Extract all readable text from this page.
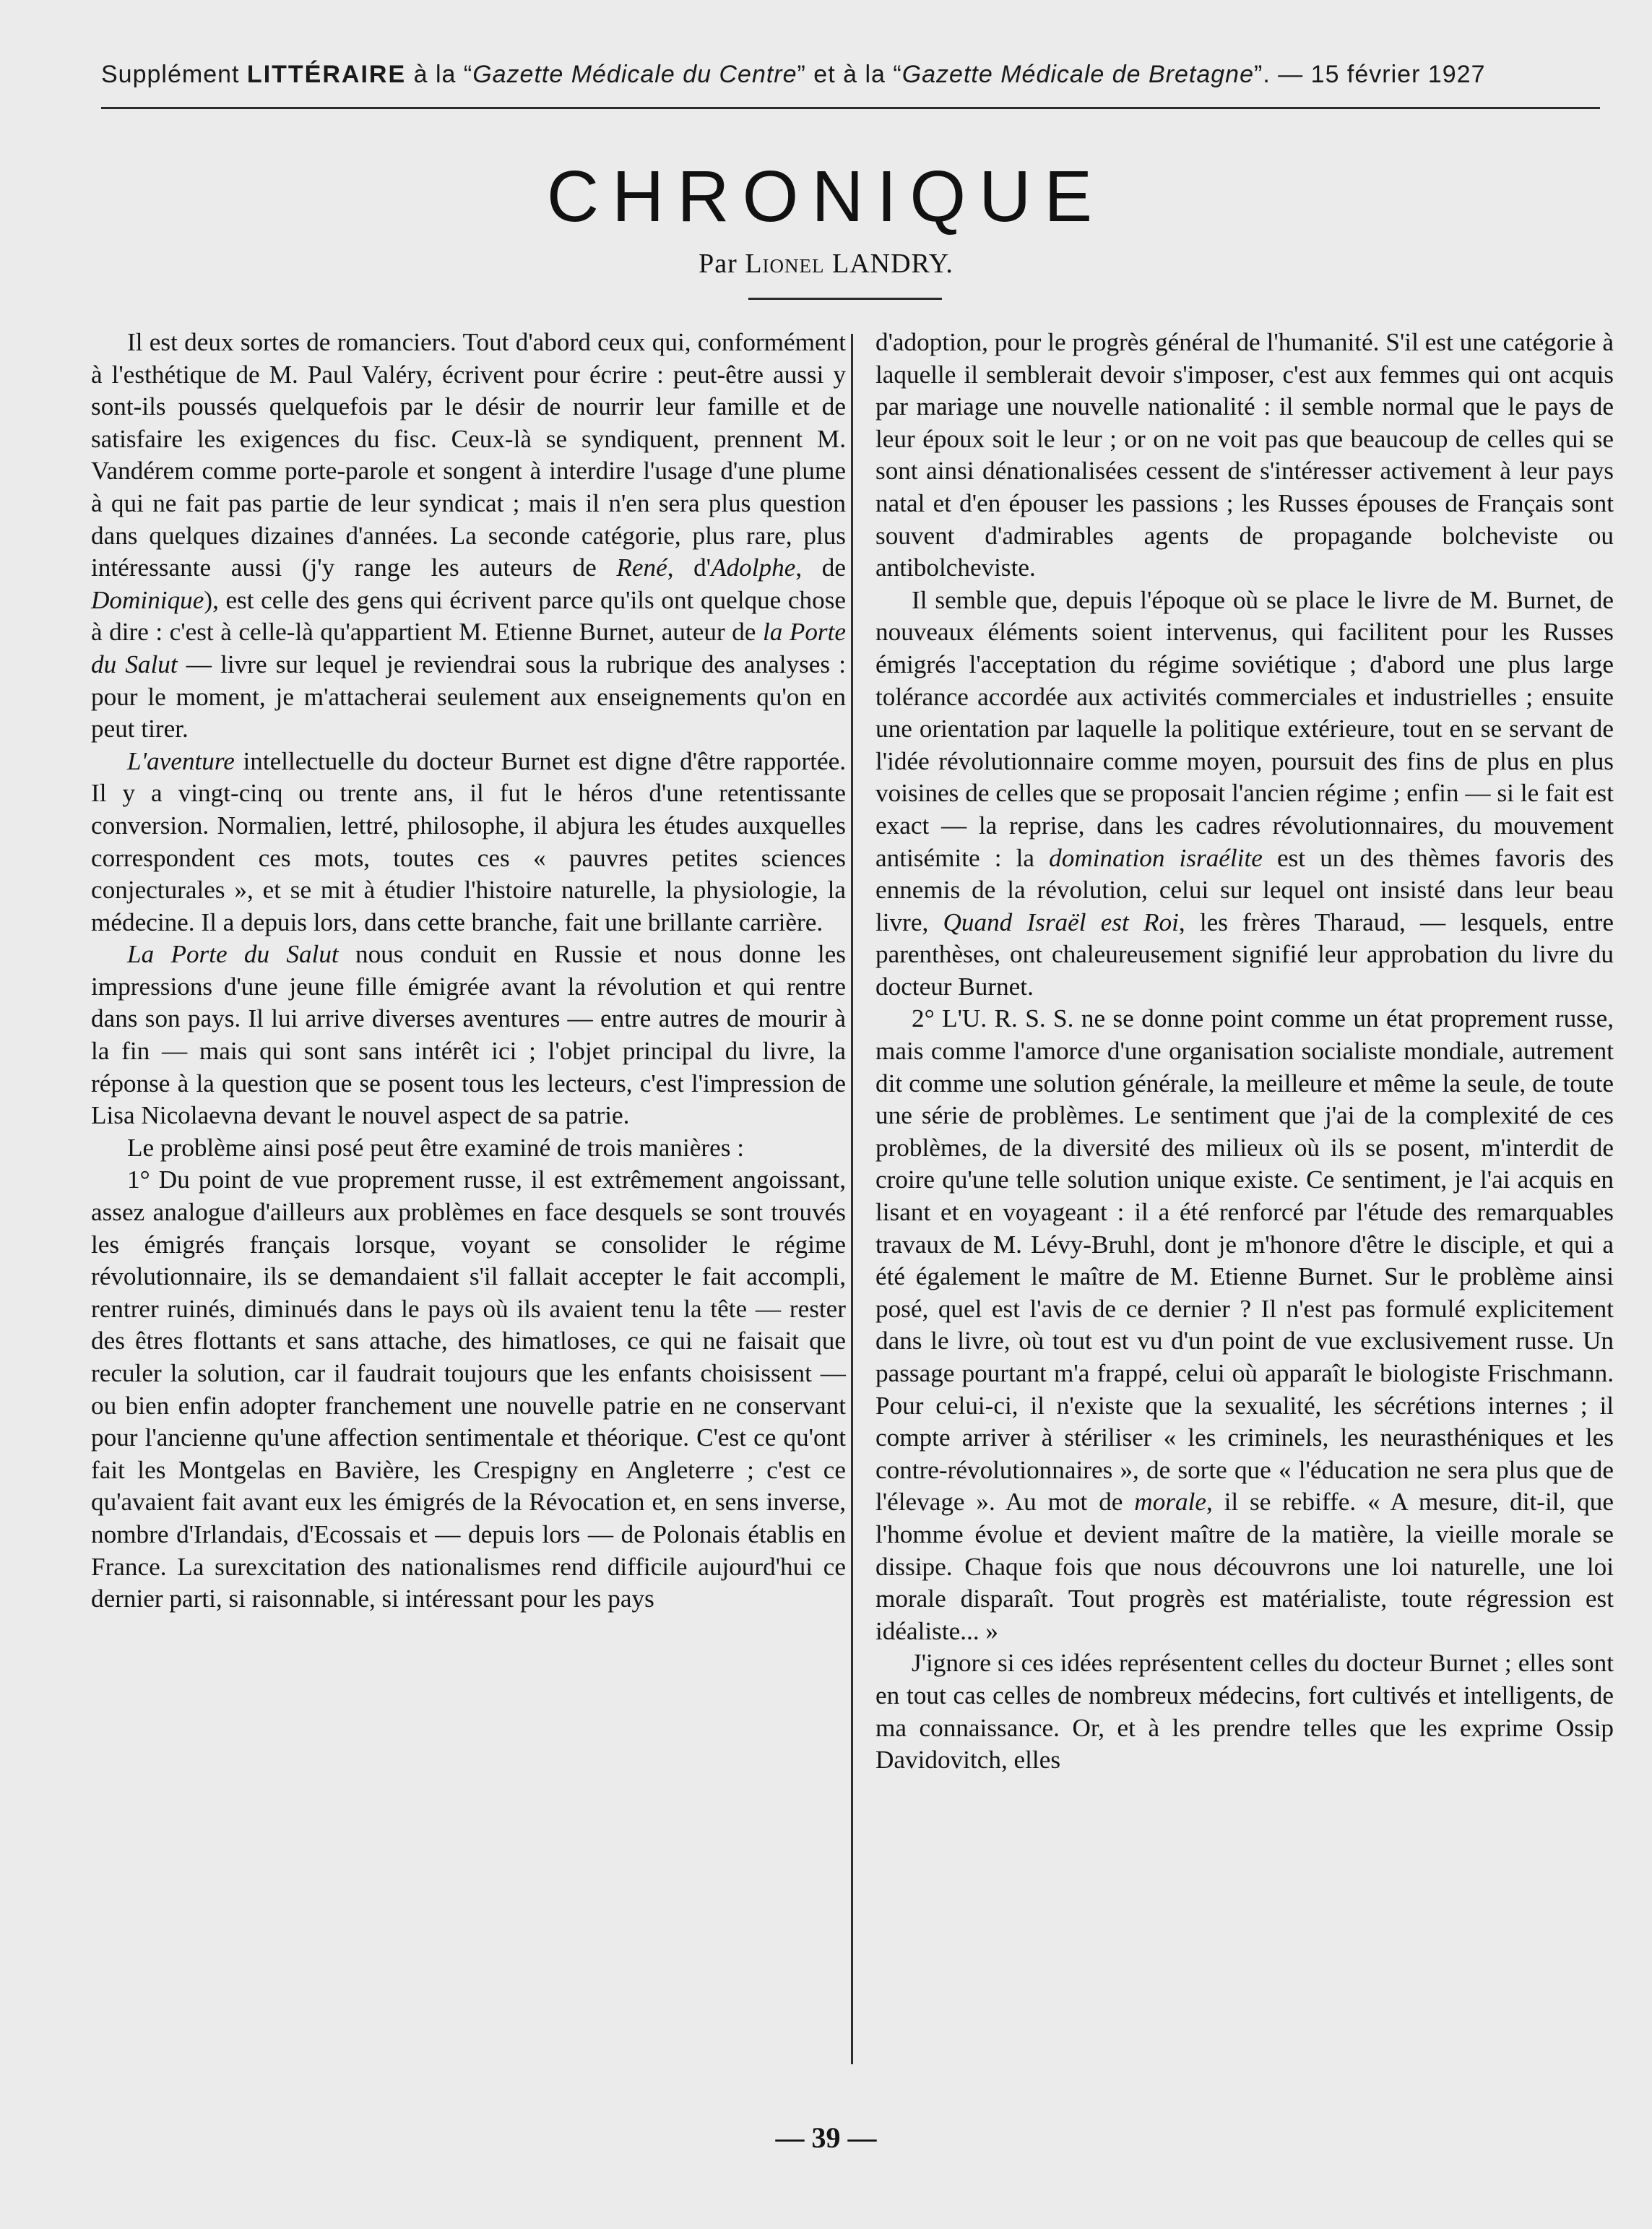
Supplément LITTÉRAIRE à la “Gazette Médicale du Centre” et à la “Gazette Médicale de Bretagne”. — 15 février 1927
CHRONIQUE
Par Lionel LANDRY.

Il est deux sortes de romanciers. Tout d'abord ceux qui, conformément à l'esthétique de M. Paul Valéry, écrivent pour écrire : peut-être aussi y sont-ils poussés quelquefois par le désir de nourrir leur famille et de satisfaire les exigences du fisc. Ceux-là se syndiquent, prennent M. Vandérem comme porte-parole et songent à interdire l'usage d'une plume à qui ne fait pas partie de leur syndicat ; mais il n'en sera plus question dans quelques dizaines d'années. La seconde catégorie, plus rare, plus intéressante aussi (j'y range les auteurs de René, d'Adolphe, de Dominique), est celle des gens qui écrivent parce qu'ils ont quelque chose à dire : c'est à celle-là qu'appartient M. Etienne Burnet, auteur de la Porte du Salut — livre sur lequel je reviendrai sous la rubrique des analyses : pour le moment, je m'attacherai seulement aux enseignements qu'on en peut tirer.

L'aventure intellectuelle du docteur Burnet est digne d'être rapportée. Il y a vingt-cinq ou trente ans, il fut le héros d'une retentissante conversion. Normalien, lettré, philosophe, il abjura les études auxquelles correspondent ces mots, toutes ces « pauvres petites sciences conjecturales », et se mit à étudier l'histoire naturelle, la physiologie, la médecine. Il a depuis lors, dans cette branche, fait une brillante carrière.

La Porte du Salut nous conduit en Russie et nous donne les impressions d'une jeune fille émigrée avant la révolution et qui rentre dans son pays. Il lui arrive diverses aventures — entre autres de mourir à la fin — mais qui sont sans intérêt ici ; l'objet principal du livre, la réponse à la question que se posent tous les lecteurs, c'est l'impression de Lisa Nicolaevna devant le nouvel aspect de sa patrie.

Le problème ainsi posé peut être examiné de trois manières :

1° Du point de vue proprement russe, il est extrêmement angoissant, assez analogue d'ailleurs aux problèmes en face desquels se sont trouvés les émigrés français lorsque, voyant se consolider le régime révolutionnaire, ils se demandaient s'il fallait accepter le fait accompli, rentrer ruinés, diminués dans le pays où ils avaient tenu la tête — rester des êtres flottants et sans attache, des himatloses, ce qui ne faisait que reculer la solution, car il faudrait toujours que les enfants choisissent — ou bien enfin adopter franchement une nouvelle patrie en ne conservant pour l'ancienne qu'une affection sentimentale et théorique. C'est ce qu'ont fait les Montgelas en Bavière, les Crespigny en Angleterre ; c'est ce qu'avaient fait avant eux les émigrés de la Révocation et, en sens inverse, nombre d'Irlandais, d'Ecossais et — depuis lors — de Polonais établis en France. La surexcitation des nationalismes rend difficile aujourd'hui ce dernier parti, si raisonnable, si intéressant pour les pays

d'adoption, pour le progrès général de l'humanité. S'il est une catégorie à laquelle il semblerait devoir s'imposer, c'est aux femmes qui ont acquis par mariage une nouvelle nationalité : il semble normal que le pays de leur époux soit le leur ; or on ne voit pas que beaucoup de celles qui se sont ainsi dénationalisées cessent de s'intéresser activement à leur pays natal et d'en épouser les passions ; les Russes épouses de Français sont souvent d'admirables agents de propagande bolcheviste ou antibolcheviste.

Il semble que, depuis l'époque où se place le livre de M. Burnet, de nouveaux éléments soient intervenus, qui facilitent pour les Russes émigrés l'acceptation du régime soviétique ; d'abord une plus large tolérance accordée aux activités commerciales et industrielles ; ensuite une orientation par laquelle la politique extérieure, tout en se servant de l'idée révolutionnaire comme moyen, poursuit des fins de plus en plus voisines de celles que se proposait l'ancien régime ; enfin — si le fait est exact — la reprise, dans les cadres révolutionnaires, du mouvement antisémite : la domination israélite est un des thèmes favoris des ennemis de la révolution, celui sur lequel ont insisté dans leur beau livre, Quand Israël est Roi, les frères Tharaud, — lesquels, entre parenthèses, ont chaleureusement signifié leur approbation du livre du docteur Burnet.

2° L'U. R. S. S. ne se donne point comme un état proprement russe, mais comme l'amorce d'une organisation socialiste mondiale, autrement dit comme une solution générale, la meilleure et même la seule, de toute une série de problèmes. Le sentiment que j'ai de la complexité de ces problèmes, de la diversité des milieux où ils se posent, m'interdit de croire qu'une telle solution unique existe. Ce sentiment, je l'ai acquis en lisant et en voyageant : il a été renforcé par l'étude des remarquables travaux de M. Lévy-Bruhl, dont je m'honore d'être le disciple, et qui a été également le maître de M. Etienne Burnet. Sur le problème ainsi posé, quel est l'avis de ce dernier ? Il n'est pas formulé explicitement dans le livre, où tout est vu d'un point de vue exclusivement russe. Un passage pourtant m'a frappé, celui où apparaît le biologiste Frischmann. Pour celui-ci, il n'existe que la sexualité, les sécrétions internes ; il compte arriver à stériliser « les criminels, les neurasthéniques et les contre-révolutionnaires », de sorte que « l'éducation ne sera plus que de l'élevage ». Au mot de morale, il se rebiffe. « A mesure, dit-il, que l'homme évolue et devient maître de la matière, la vieille morale se dissipe. Chaque fois que nous découvrons une loi naturelle, une loi morale disparaît. Tout progrès est matérialiste, toute régression est idéaliste... »

J'ignore si ces idées représentent celles du docteur Burnet ; elles sont en tout cas celles de nombreux médecins, fort cultivés et intelligents, de ma connaissance. Or, et à les prendre telles que les exprime Ossip Davidovitch, elles

— 39 —
